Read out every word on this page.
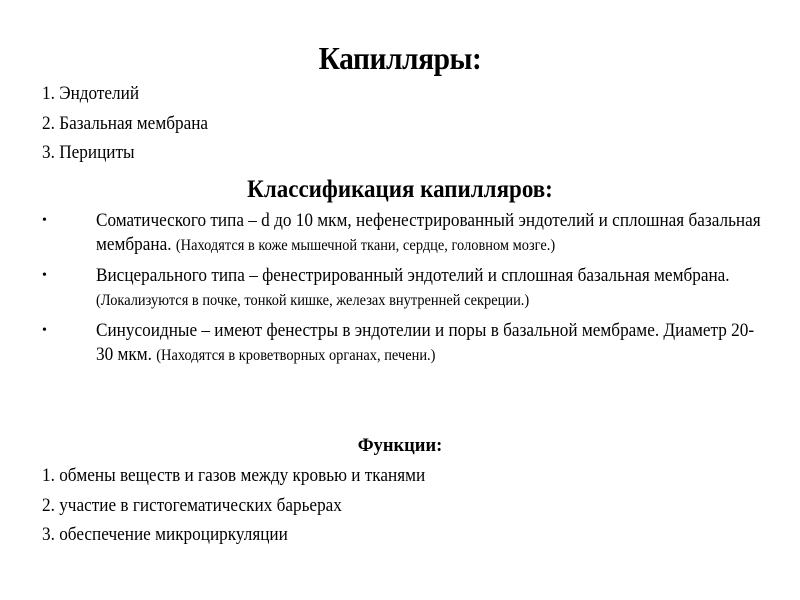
Капилляры:
1. Эндотелий
2. Базальная мембрана
3. Перициты
Классификация капилляров:
•	Соматического типа – d до 10 мкм, нефенестрированный эндотелий и сплошная базальная мембрана. (Находятся в коже мышечной ткани, сердце, головном мозге.)
•	Висцерального типа – фенестрированный эндотелий и сплошная базальная мембрана. (Локализуются в почке, тонкой кишке, железах внутренней секреции.)
•	Синусоидные – имеют фенестры в эндотелии и поры в базальной мембраме. Диаметр 20-30 мкм. (Находятся в кроветворных органах, печени.)
Функции:
1. обмены веществ и газов между кровью и тканями
2. участие в гистогематических барьерах
3. обеспечение микроциркуляции
